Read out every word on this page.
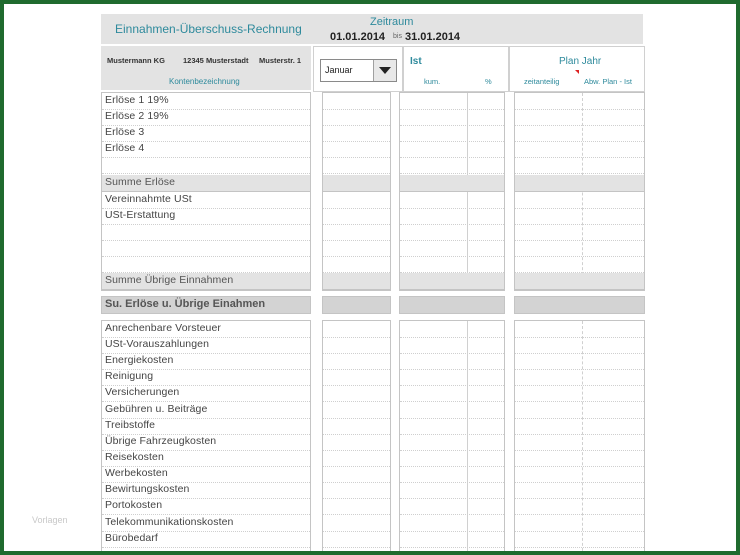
Vorlagen
Einnahmen-Überschuss-Rechnung	Zeitraum
01.01.2014 bis 31.01.2014
Mustermann KG 12345 Musterstadt Musterstr. 1
Kontenbezeichnung
Januar
Ist
kum.	%
Plan Jahr
zeitanteilig	Abw. Plan - Ist
Erlöse 1 19%
Erlöse 2 19%
Erlöse 3
Erlöse 4
Summe Erlöse
Vereinnahmte USt
USt-Erstattung
Summe Übrige Einnahmen
Su. Erlöse u. Übrige Einahmen
Anrechenbare Vorsteuer
USt-Vorauszahlungen
Energiekosten
Reinigung
Versicherungen
Gebühren u. Beiträge
Treibstoffe
Übrige Fahrzeugkosten
Reisekosten
Werbekosten
Bewirtungskosten
Portokosten
Telekommunikationskosten
Bürobedarf
